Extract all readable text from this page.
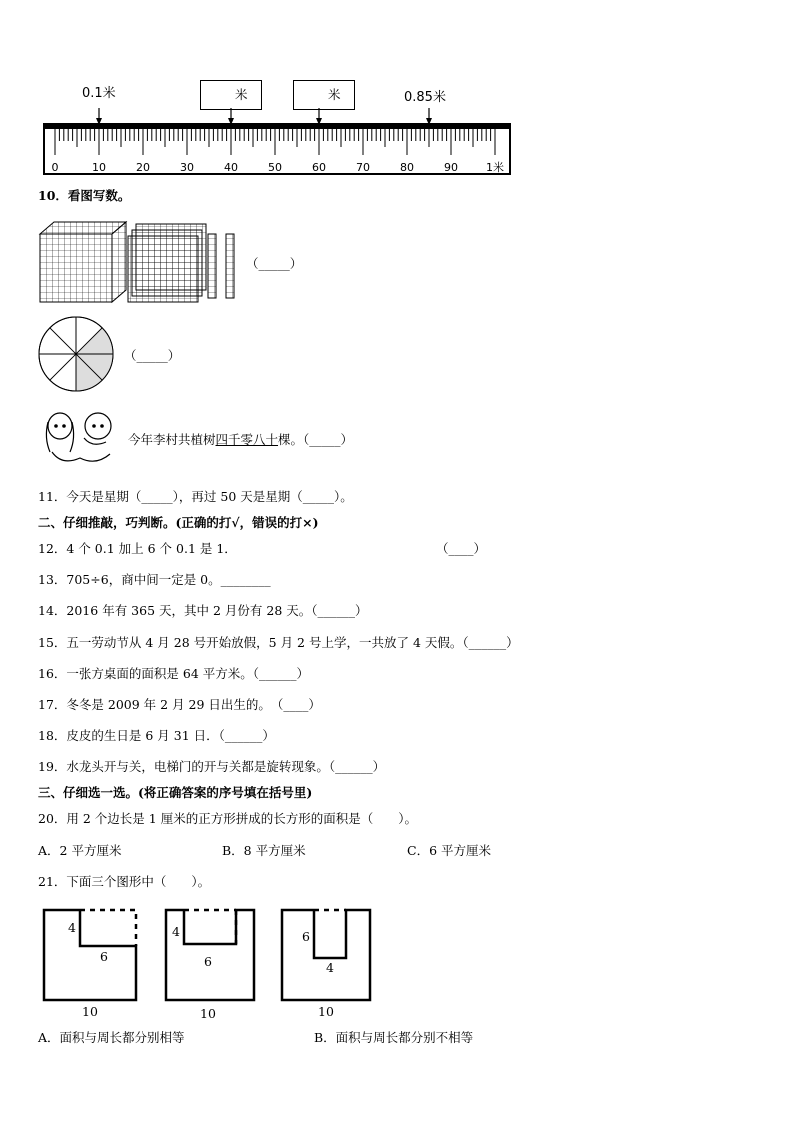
0.1米	米	米	0.85米
0	10	20	30	40	50	60	70	80	90	1米
10．看图写数。
（_____）
（_____）
今年李村共植树四千零八十棵。（_____）
11．今天是星期（_____），再过 50 天是星期（_____）。
二、仔细推敲，巧判断。(正确的打√，错误的打×)
12．4 个 0.1 加上 6 个 0.1 是 1．	（____）
13．705÷6，商中间一定是 0。________
14．2016 年有 365 天，其中 2 月份有 28 天。（______）
15．五一劳动节从 4 月 28 号开始放假，5 月 2 号上学，一共放了 4 天假。（______）
16．一张方桌面的面积是 64 平方米。（______）
17．冬冬是 2009 年 2 月 29 日出生的。　（____）
18．皮皮的生日是 6 月 31 日．（______）
19．水龙头开与关，电梯门的开与关都是旋转现象。（______）
三、仔细选一选。(将正确答案的序号填在括号里)
20．用 2 个边长是 1 厘米的正方形拼成的长方形的面积是（　　）。
A．2 平方厘米	B．8 平方厘米	C．6 平方厘米
21．下面三个图形中（　　）。
4
6
10
4
6
10
6
4
10
A．面积与周长都分别相等	B．面积与周长都分别不相等
